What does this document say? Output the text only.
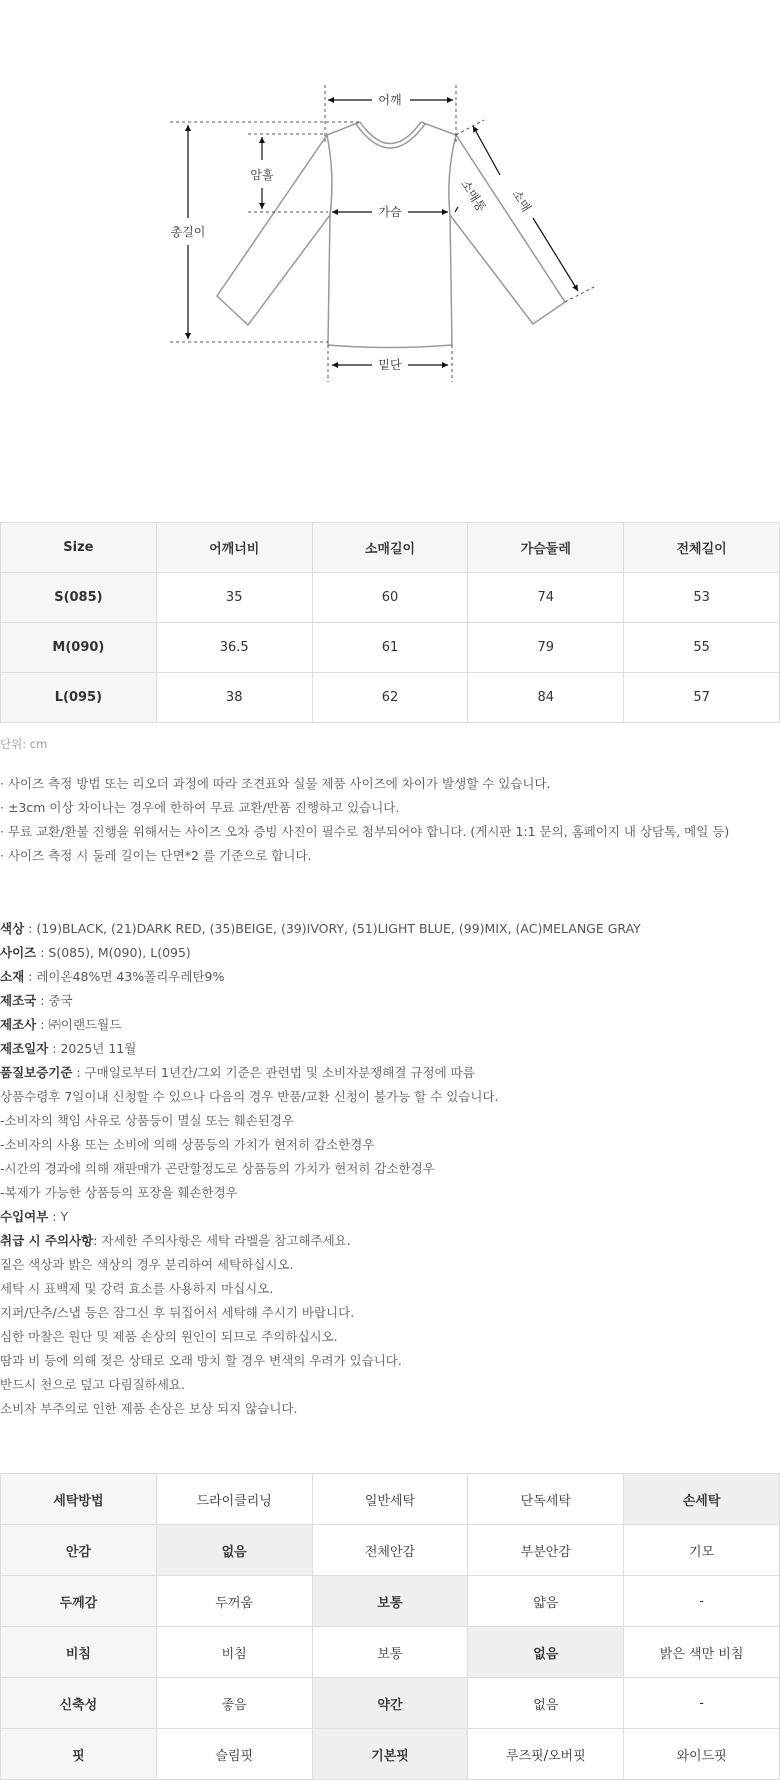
어깨
암홀
총길이
가슴
밑단
소매통 소매
Size	어깨너비	소매길이	가슴둘레	전체길이
S(085)	35	60	74	53
M(090)	36.5	61	79	55
L(095)	38	62	84	57
단위: cm
· 사이즈 측정 방법 또는 리오더 과정에 따라 조견표와 실물 제품 사이즈에 차이가 발생할 수 있습니다.
· ±3cm 이상 차이나는 경우에 한하여 무료 교환/반품 진행하고 있습니다.
· 무료 교환/환불 진행을 위해서는 사이즈 오차 증빙 사진이 필수로 첨부되어야 합니다. (게시판 1:1 문의, 홈페이지 내 상담톡, 메일 등)
· 사이즈 측정 시 둘레 길이는 단면*2 를 기준으로 합니다.
색상 : (19)BLACK, (21)DARK RED, (35)BEIGE, (39)IVORY, (51)LIGHT BLUE, (99)MIX, (AC)MELANGE GRAY
사이즈 : S(085), M(090), L(095)
소재 : 레이온48%면 43%폴리우레탄9%
제조국 : 중국
제조사 : ㈜이랜드월드
제조일자 : 2025년 11월
품질보증기준 : 구매일로부터 1년간/그외 기준은 관련법 및 소비자분쟁해결 규정에 따름
상품수령후 7일이내 신청할 수 있으나 다음의 경우 반품/교환 신청이 불가능 할 수 있습니다.
-소비자의 책임 사유로 상품등이 멸실 또는 훼손된경우
-소비자의 사용 또는 소비에 의해 상품등의 가치가 현저히 감소한경우
-시간의 경과에 의해 재판매가 곤란할정도로 상품등의 가치가 현저히 감소한경우
-복제가 가능한 상품등의 포장을 훼손한경우
수입여부 : Y
취급 시 주의사항: 자세한 주의사항은 세탁 라벨을 참고해주세요.
짙은 색상과 밝은 색상의 경우 분리하여 세탁하십시오.
세탁 시 표백제 및 강력 효소를 사용하지 마십시오.
지퍼/단추/스냅 등은 잠그신 후 뒤집어서 세탁해 주시기 바랍니다.
심한 마찰은 원단 및 제품 손상의 원인이 되므로 주의하십시오.
땀과 비 등에 의해 젖은 상태로 오래 방치 할 경우 변색의 우려가 있습니다.
반드시 천으로 덮고 다림질하세요.
소비자 부주의로 인한 제품 손상은 보상 되지 않습니다.
세탁방법	드라이클리닝	일반세탁	단독세탁	손세탁
안감	없음	전체안감	부분안감	기모
두께감	두꺼움	보통	얇음	-
비침	비침	보통	없음	밝은 색만 비침
신축성	좋음	약간	없음	-
핏	슬림핏	기본핏	루즈핏/오버핏	와이드핏
